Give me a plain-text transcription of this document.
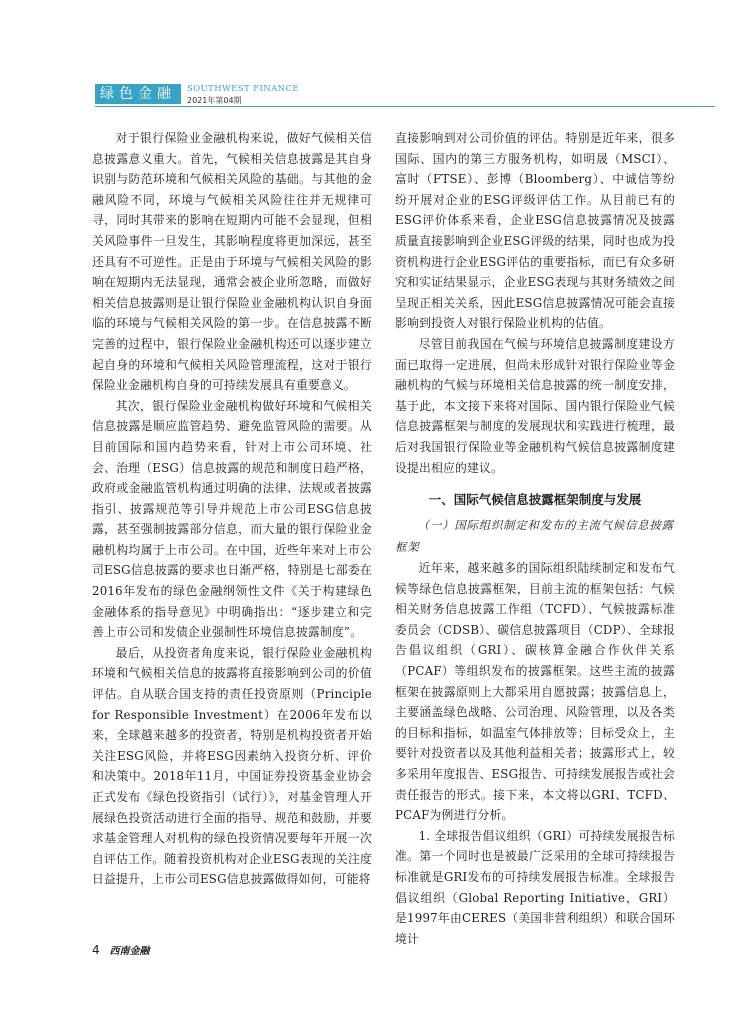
绿色金融	SOUTHWEST FINANCE
2021年第04期

对于银行保险业金融机构来说，做好气候相关信息披露意义重大。首先，气候相关信息披露是其自身识别与防范环境和气候相关风险的基础。与其他的金融风险不同，环境与气候相关风险往往并无规律可寻，同时其带来的影响在短期内可能不会显现，但相关风险事件一旦发生，其影响程度将更加深远，甚至还具有不可逆性。正是由于环境与气候相关风险的影响在短期内无法显现，通常会被企业所忽略，而做好相关信息披露则是让银行保险业金融机构认识自身面临的环境与气候相关风险的第一步。在信息披露不断完善的过程中，银行保险业金融机构还可以逐步建立起自身的环境和气候相关风险管理流程，这对于银行保险业金融机构自身的可持续发展具有重要意义。

其次，银行保险业金融机构做好环境和气候相关信息披露是顺应监管趋势、避免监管风险的需要。从目前国际和国内趋势来看，针对上市公司环境、社会、治理（ESG）信息披露的规范和制度日趋严格，政府或金融监管机构通过明确的法律、法规或者披露指引、披露规范等引导并规范上市公司ESG信息披露，甚至强制披露部分信息，而大量的银行保险业金融机构均属于上市公司。在中国，近些年来对上市公司ESG信息披露的要求也日渐严格，特别是七部委在2016年发布的绿色金融纲领性文件《关于构建绿色金融体系的指导意见》中明确指出：“逐步建立和完善上市公司和发债企业强制性环境信息披露制度”。

最后，从投资者角度来说，银行保险业金融机构环境和气候相关信息的披露将直接影响到公司的价值评估。自从联合国支持的责任投资原则（Principle for Responsible Investment）在2006年发布以来，全球越来越多的投资者，特别是机构投资者开始关注ESG风险，并将ESG因素纳入投资分析、评价和决策中。2018年11月，中国证券投资基金业协会正式发布《绿色投资指引（试行）》，对基金管理人开展绿色投资活动进行全面的指导、规范和鼓励，并要求基金管理人对机构的绿色投资情况要每年开展一次自评估工作。随着投资机构对企业ESG表现的关注度日益提升，上市公司ESG信息披露做得如何，可能将

直接影响到对公司价值的评估。特别是近年来，很多国际、国内的第三方服务机构，如明晟（MSCI）、富时（FTSE）、彭博（Bloomberg）、中诚信等纷纷开展对企业的ESG评级评估工作。从目前已有的ESG评价体系来看，企业ESG信息披露情况及披露质量直接影响到企业ESG评级的结果，同时也成为投资机构进行企业ESG评估的重要指标，而已有众多研究和实证结果显示，企业ESG表现与其财务绩效之间呈现正相关关系，因此ESG信息披露情况可能会直接影响到投资人对银行保险业机构的估值。

尽管目前我国在气候与环境信息披露制度建设方面已取得一定进展，但尚未形成针对银行保险业等金融机构的气候与环境相关信息披露的统一制度安排，基于此，本文接下来将对国际、国内银行保险业气候信息披露框架与制度的发展现状和实践进行梳理，最后对我国银行保险业等金融机构气候信息披露制度建设提出相应的建议。

一、国际气候信息披露框架制度与发展

（一）国际组织制定和发布的主流气候信息披露框架

近年来，越来越多的国际组织陆续制定和发布气候等绿色信息披露框架，目前主流的框架包括：气候相关财务信息披露工作组（TCFD）、气候披露标准委员会（CDSB）、碳信息披露项目（CDP）、全球报告倡议组织（GRI）、碳核算金融合作伙伴关系（PCAF）等组织发布的披露框架。这些主流的披露框架在披露原则上大都采用自愿披露；披露信息上，主要涵盖绿色战略、公司治理、风险管理，以及各类的目标和指标，如温室气体排放等；目标受众上，主要针对投资者以及其他利益相关者；披露形式上，较多采用年度报告、ESG报告、可持续发展报告或社会责任报告的形式。接下来，本文将以GRI、TCFD、PCAF为例进行分析。

1. 全球报告倡议组织（GRI）可持续发展报告标准。第一个同时也是被最广泛采用的全球可持续报告标准就是GRI发布的可持续发展报告标准。全球报告倡议组织（Global Reporting Initiative，GRI）是1997年由CERES（美国非营利组织）和联合国环境计

4 西南金融
